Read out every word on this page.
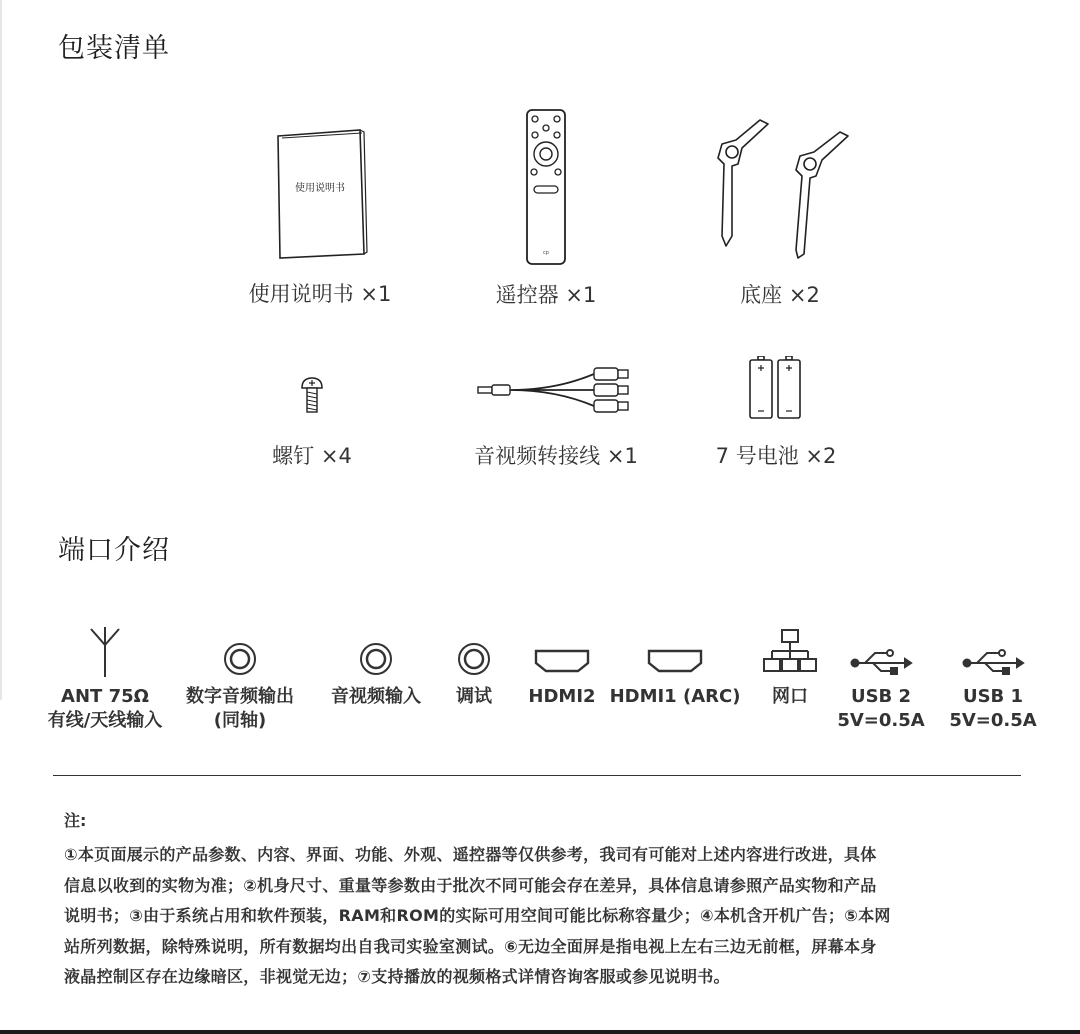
包装清单
使用说明书
使用说明书 ×1
cp
遥控器 ×1	底座 ×2
螺钉 ×4	音视频转接线 ×1	7 号电池 ×2
端口介绍
ANT 75Ω
有线/天线输入
数字音频输出
(同轴)
音视频输入	调试	HDMI2 HDMI1 (ARC)	网口	USB 2
5V=0.5A
USB 1
5V=0.5A
注:
①本页面展示的产品参数、内容、界面、功能、外观、遥控器等仅供参考，我司有可能对上述内容进行改进，具体
信息以收到的实物为准；②机身尺寸、重量等参数由于批次不同可能会存在差异，具体信息请参照产品实物和产品
说明书；③由于系统占用和软件预装，RAM和ROM的实际可用空间可能比标称容量少；④本机含开机广告；⑤本网
站所列数据，除特殊说明，所有数据均出自我司实验室测试。⑥无边全面屏是指电视上左右三边无前框，屏幕本身
液晶控制区存在边缘暗区，非视觉无边；⑦支持播放的视频格式详情咨询客服或参见说明书。
